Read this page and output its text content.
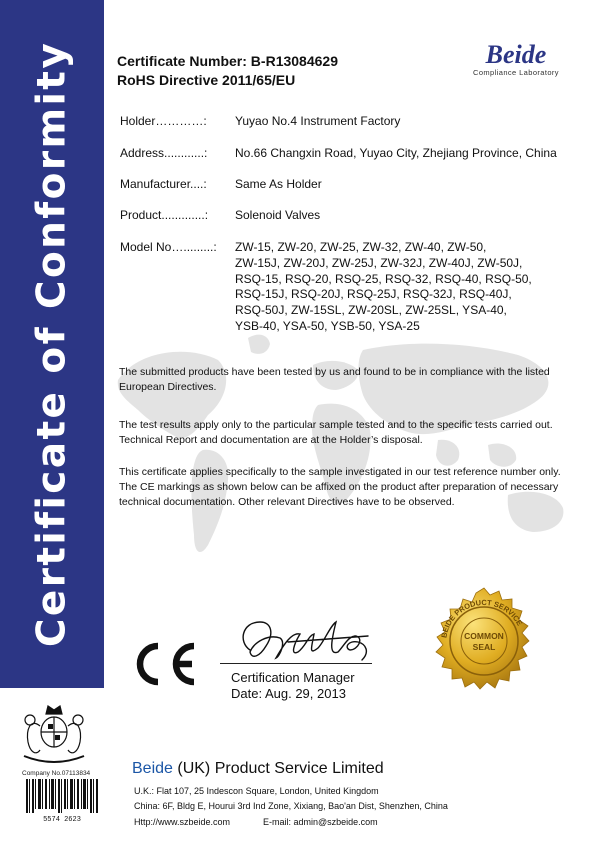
Certificate of Conformity
Company No.07113834
5574 2623
Certificate Number: B-R13084629
RoHS Directive 2011/65/EU
Beide
Compliance Laboratory
Holder…………: Yuyao No.4 Instrument Factory
Address............: No.66 Changxin Road, Yuyao City, Zhejiang Province, China
Manufacturer....: Same As Holder
Product.............: Solenoid Valves
Model No….........: ZW-15, ZW-20, ZW-25, ZW-32, ZW-40, ZW-50,
ZW-15J, ZW-20J, ZW-25J, ZW-32J, ZW-40J, ZW-50J,
RSQ-15, RSQ-20, RSQ-25, RSQ-32, RSQ-40, RSQ-50,
RSQ-15J, RSQ-20J, RSQ-25J, RSQ-32J, RSQ-40J,
RSQ-50J, ZW-15SL, ZW-20SL, ZW-25SL, YSA-40,
YSB-40, YSA-50, YSB-50, YSA-25
The submitted products have been tested by us and found to be in compliance with the listed European Directives.
The test results apply only to the particular sample tested and to the specific tests carried out. Technical Report and documentation are at the Holder’s disposal.
This certificate applies specifically to the sample investigated in our test reference number only. The CE markings as shown below can be affixed on the product after preparation of necessary technical documentation. Other relevant Directives have to be observed.
CE
Certification Manager
Date: Aug. 29, 2013
BEIDE PRODUCT SERVICE
COMMON
SEAL
Beide (UK) Product Service Limited
U.K.: Flat 107, 25 Indescon Square, London, United Kingdom
China: 6F, Bldg E, Hourui 3rd Ind Zone, Xixiang, Bao'an Dist, Shenzhen, China
Http://www.szbeide.com	E-mail: admin@szbeide.com
